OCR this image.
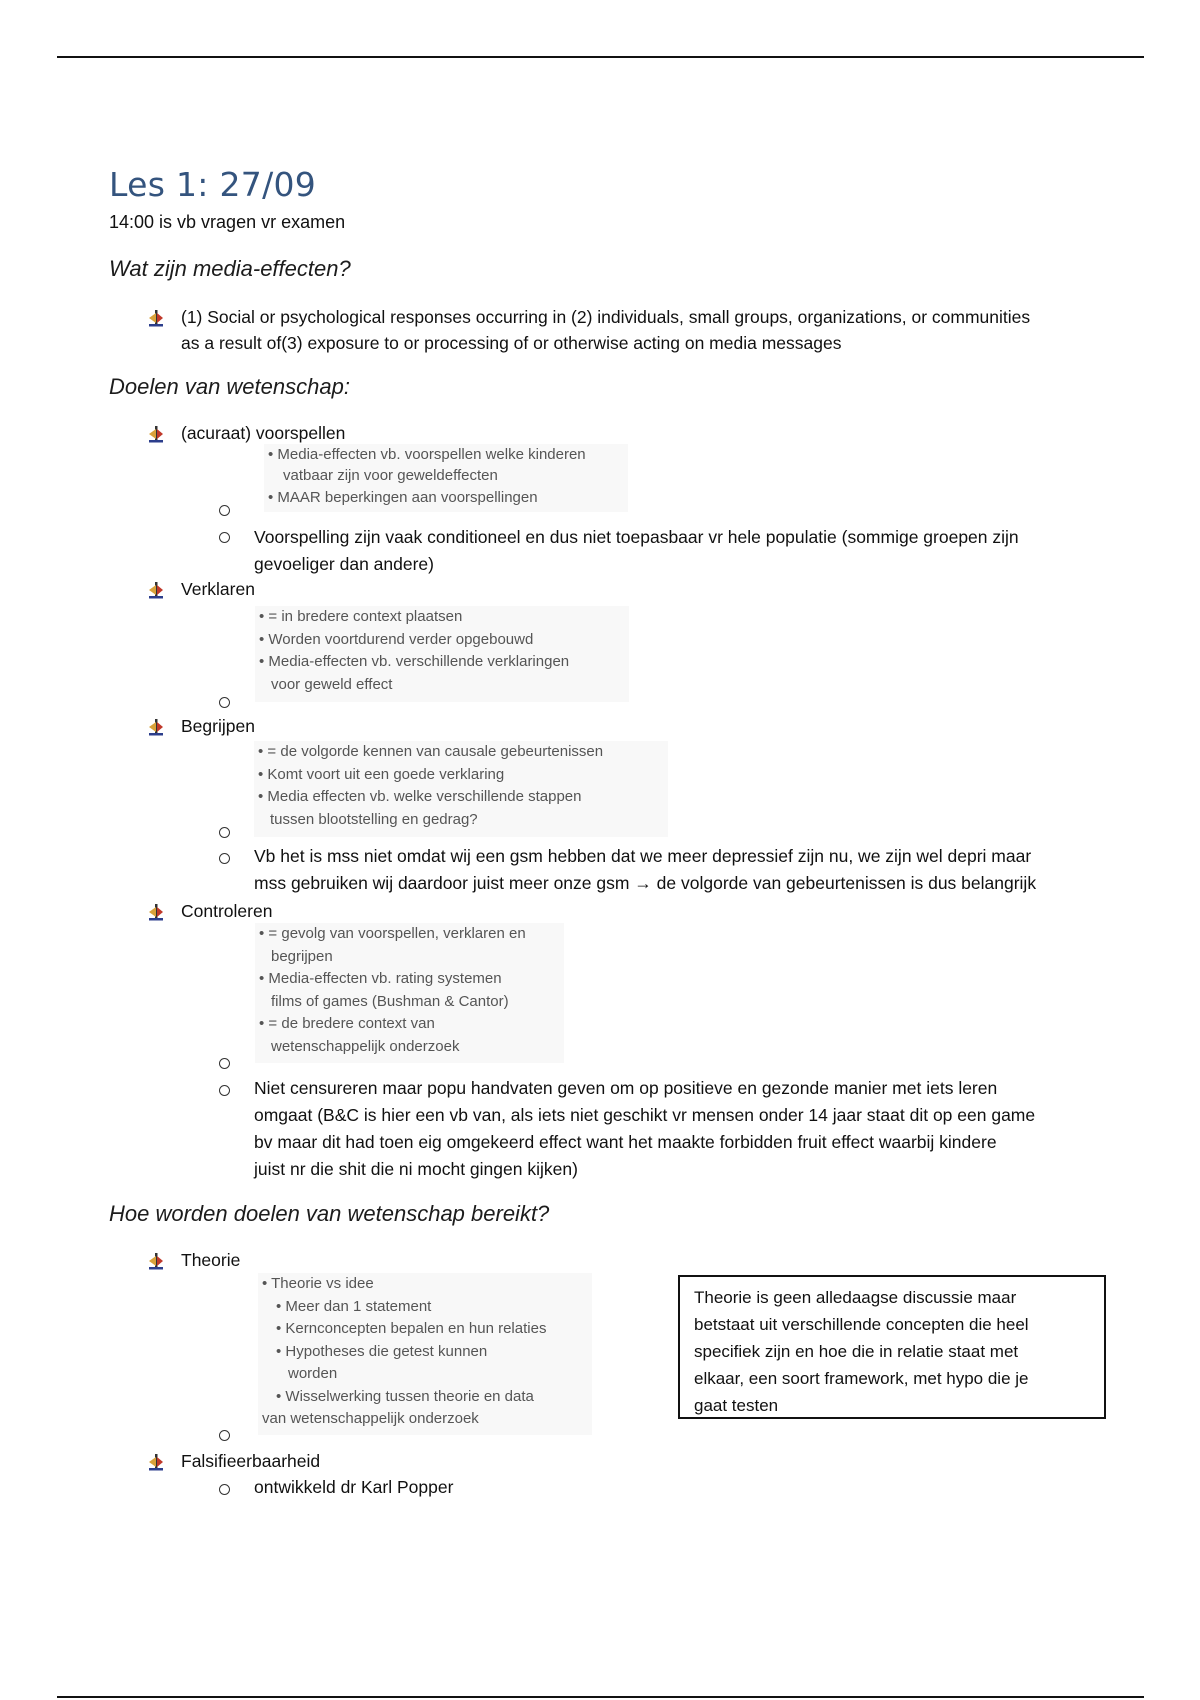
Les 1: 27/09
14:00 is vb vragen vr examen
Wat zijn media-effecten?
(1) Social or psychological responses occurring in (2) individuals, small groups, organizations, or communities
as a result of(3) exposure to or processing of or otherwise acting on media messages
Doelen van wetenschap:
(acuraat) voorspellen
• Media-effecten vb. voorspellen welke kinderen
vatbaar zijn voor geweldeffecten
• MAAR beperkingen aan voorspellingen
Voorspelling zijn vaak conditioneel en dus niet toepasbaar vr hele populatie (sommige groepen zijn
gevoeliger dan andere)
Verklaren
• = in bredere context plaatsen
• Worden voortdurend verder opgebouwd
• Media-effecten vb. verschillende verklaringen
voor geweld effect
Begrijpen
• = de volgorde kennen van causale gebeurtenissen
• Komt voort uit een goede verklaring
• Media effecten vb. welke verschillende stappen
tussen blootstelling en gedrag?
Vb het is mss niet omdat wij een gsm hebben dat we meer depressief zijn nu, we zijn wel depri maar
mss gebruiken wij daardoor juist meer onze gsm → de volgorde van gebeurtenissen is dus belangrijk
Controleren
• = gevolg van voorspellen, verklaren en
begrijpen
• Media-effecten vb. rating systemen
films of games (Bushman & Cantor)
• = de bredere context van
wetenschappelijk onderzoek
Niet censureren maar popu handvaten geven om op positieve en gezonde manier met iets leren
omgaat (B&C is hier een vb van, als iets niet geschikt vr mensen onder 14 jaar staat dit op een game
bv maar dit had toen eig omgekeerd effect want het maakte forbidden fruit effect waarbij kindere
juist nr die shit die ni mocht gingen kijken)
Hoe worden doelen van wetenschap bereikt?
Theorie
• Theorie vs idee
• Meer dan 1 statement
• Kernconcepten bepalen en hun relaties
• Hypotheses die getest kunnen
worden
• Wisselwerking tussen theorie en data
van wetenschappelijk onderzoek
Theorie is geen alledaagse discussie maar
betstaat uit verschillende concepten die heel
specifiek zijn en hoe die in relatie staat met
elkaar, een soort framework, met hypo die je
gaat testen
Falsifieerbaarheid
ontwikkeld dr Karl Popper
